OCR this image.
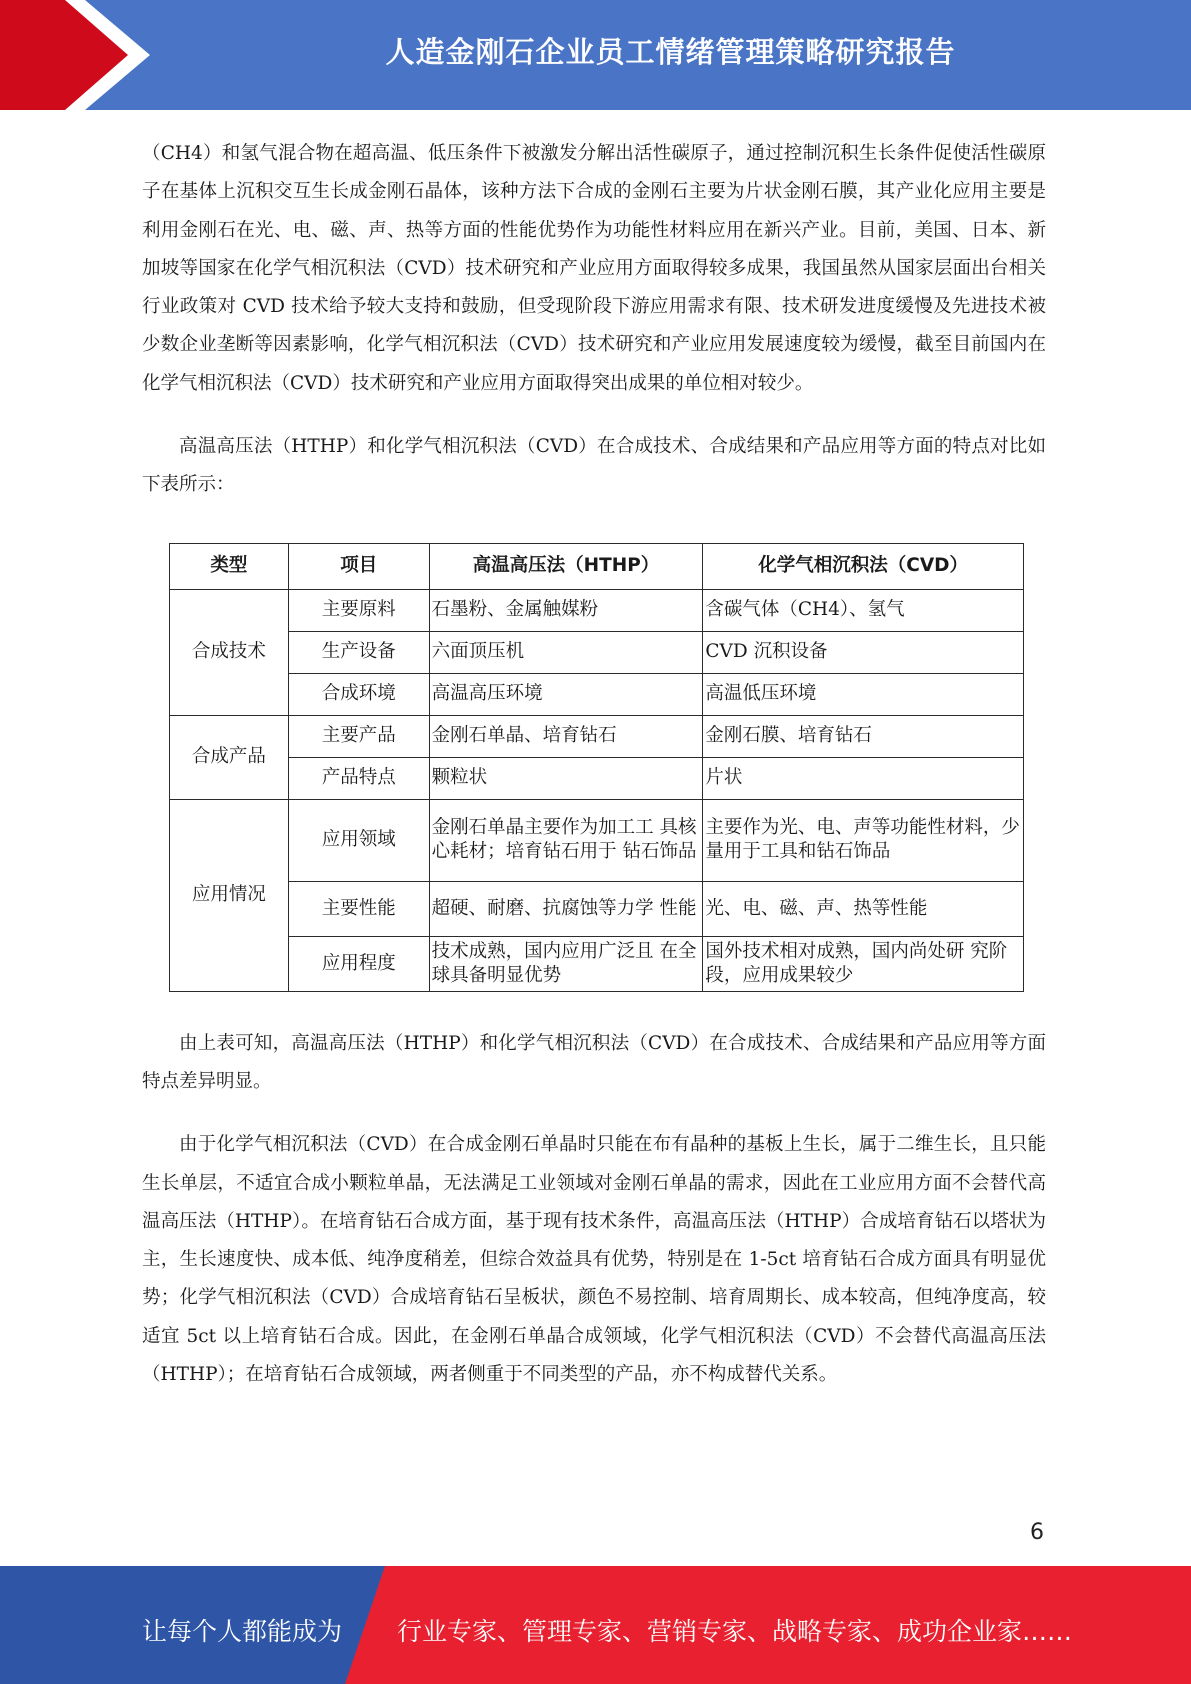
人造金刚石企业员工情绪管理策略研究报告

（CH4）和氢气混合物在超高温、低压条件下被激发分解出活性碳原子，通过控制沉积生长条件促使活性碳原子在基体上沉积交互生长成金刚石晶体，该种方法下合成的金刚石主要为片状金刚石膜，其产业化应用主要是利用金刚石在光、电、磁、声、热等方面的性能优势作为功能性材料应用在新兴产业。目前，美国、日本、新加坡等国家在化学气相沉积法（CVD）技术研究和产业应用方面取得较多成果，我国虽然从国家层面出台相关行业政策对 CVD 技术给予较大支持和鼓励，但受现阶段下游应用需求有限、技术研发进度缓慢及先进技术被少数企业垄断等因素影响，化学气相沉积法（CVD）技术研究和产业应用发展速度较为缓慢，截至目前国内在化学气相沉积法（CVD）技术研究和产业应用方面取得突出成果的单位相对较少。

高温高压法（HTHP）和化学气相沉积法（CVD）在合成技术、合成结果和产品应用等方面的特点对比如下表所示：

类型	项目	高温高压法（HTHP）	化学气相沉积法（CVD）
合成技术	主要原料	石墨粉、金属触媒粉	含碳气体（CH4）、氢气
	生产设备	六面顶压机	CVD 沉积设备
	合成环境	高温高压环境	高温低压环境
合成产品	主要产品	金刚石单晶、培育钻石	金刚石膜、培育钻石
	产品特点	颗粒状	片状
应用情况	应用领域	金刚石单晶主要作为加工工 具核心耗材；培育钻石用于 钻石饰品	主要作为光、电、声等功能性材料，少量用于工具和钻石饰品
	主要性能	超硬、耐磨、抗腐蚀等力学 性能	光、电、磁、声、热等性能
	应用程度	技术成熟，国内应用广泛且 在全球具备明显优势	国外技术相对成熟，国内尚处研 究阶段，应用成果较少

由上表可知，高温高压法（HTHP）和化学气相沉积法（CVD）在合成技术、合成结果和产品应用等方面特点差异明显。

由于化学气相沉积法（CVD）在合成金刚石单晶时只能在布有晶种的基板上生长，属于二维生长，且只能生长单层，不适宜合成小颗粒单晶，无法满足工业领域对金刚石单晶的需求，因此在工业应用方面不会替代高温高压法（HTHP）。在培育钻石合成方面，基于现有技术条件，高温高压法（HTHP）合成培育钻石以塔状为主，生长速度快、成本低、纯净度稍差，但综合效益具有优势，特别是在 1-5ct 培育钻石合成方面具有明显优势；化学气相沉积法（CVD）合成培育钻石呈板状，颜色不易控制、培育周期长、成本较高，但纯净度高，较适宜 5ct 以上培育钻石合成。因此，在金刚石单晶合成领域，化学气相沉积法（CVD）不会替代高温高压法（HTHP）；在培育钻石合成领域，两者侧重于不同类型的产品，亦不构成替代关系。

6
让每个人都能成为 行业专家、管理专家、营销专家、战略专家、成功企业家……
